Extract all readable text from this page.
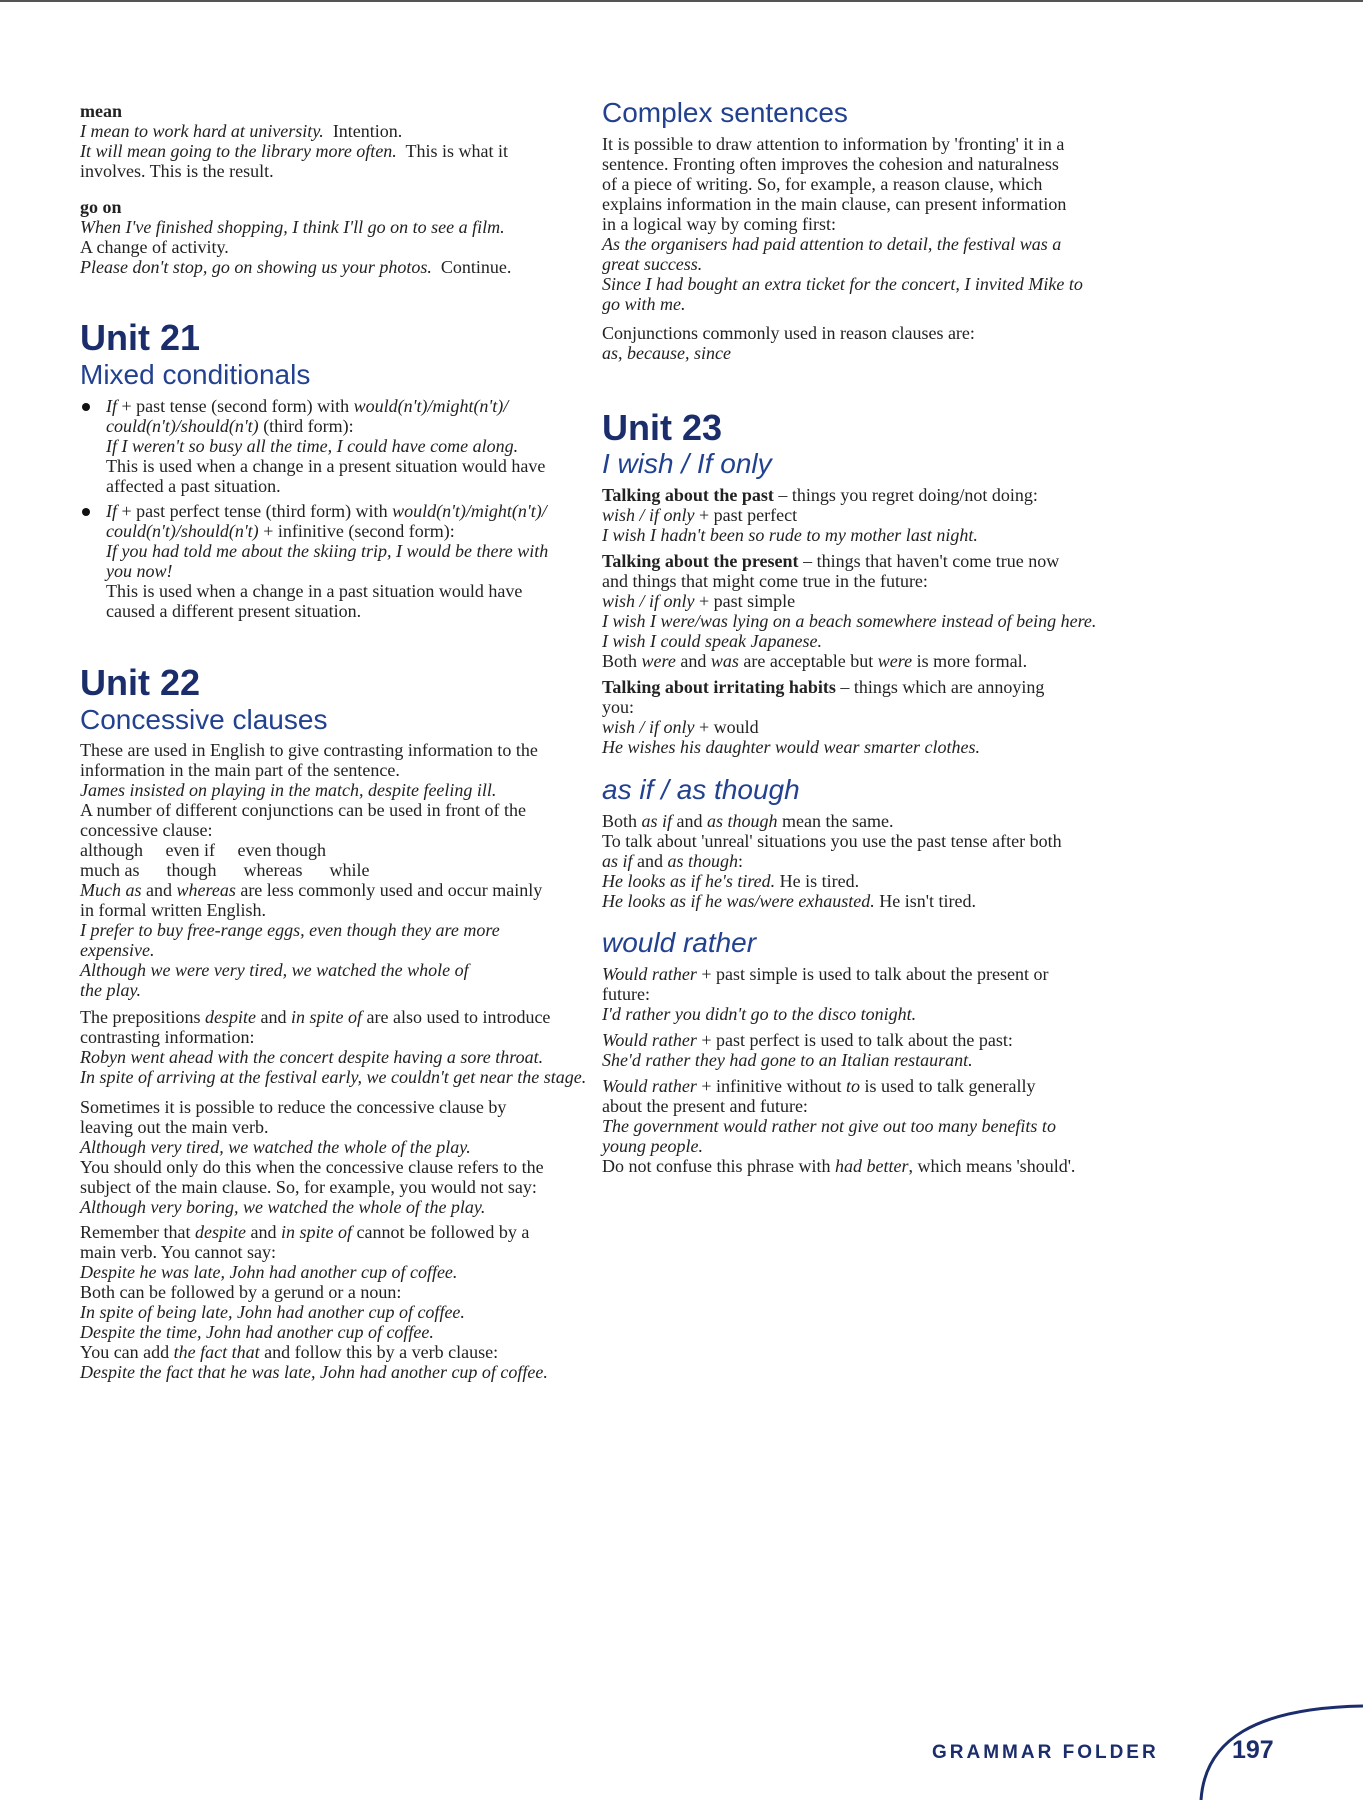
mean
I mean to work hard at university.  Intention.
It will mean going to the library more often.  This is what it
involves. This is the result.
go on
When I've finished shopping, I think I'll go on to see a film.
A change of activity.
Please don't stop, go on showing us your photos.  Continue.
Unit 21
Mixed conditionals
If + past tense (second form) with would(n't)/might(n't)/
could(n't)/should(n't) (third form):
If I weren't so busy all the time, I could have come along.
This is used when a change in a present situation would have
affected a past situation.
If + past perfect tense (third form) with would(n't)/might(n't)/
could(n't)/should(n't) + infinitive (second form):
If you had told me about the skiing trip, I would be there with
you now!
This is used when a change in a past situation would have
caused a different present situation.
Unit 22
Concessive clauses
These are used in English to give contrasting information to the
information in the main part of the sentence.
James insisted on playing in the match, despite feeling ill.
A number of different conjunctions can be used in front of the
concessive clause:
although     even if     even though
much as      though      whereas      while
Much as and whereas are less commonly used and occur mainly
in formal written English.
I prefer to buy free-range eggs, even though they are more
expensive.
Although we were very tired, we watched the whole of
the play.
The prepositions despite and in spite of are also used to introduce
contrasting information:
Robyn went ahead with the concert despite having a sore throat.
In spite of arriving at the festival early, we couldn't get near the stage.
Sometimes it is possible to reduce the concessive clause by
leaving out the main verb.
Although very tired, we watched the whole of the play.
You should only do this when the concessive clause refers to the
subject of the main clause. So, for example, you would not say:
Although very boring, we watched the whole of the play.
Remember that despite and in spite of cannot be followed by a
main verb. You cannot say:
Despite he was late, John had another cup of coffee.
Both can be followed by a gerund or a noun:
In spite of being late, John had another cup of coffee.
Despite the time, John had another cup of coffee.
You can add the fact that and follow this by a verb clause:
Despite the fact that he was late, John had another cup of coffee.
Complex sentences
It is possible to draw attention to information by 'fronting' it in a
sentence. Fronting often improves the cohesion and naturalness
of a piece of writing. So, for example, a reason clause, which
explains information in the main clause, can present information
in a logical way by coming first:
As the organisers had paid attention to detail, the festival was a
great success.
Since I had bought an extra ticket for the concert, I invited Mike to
go with me.
Conjunctions commonly used in reason clauses are:
as, because, since
Unit 23
I wish / If only
Talking about the past – things you regret doing/not doing:
wish / if only + past perfect
I wish I hadn't been so rude to my mother last night.
Talking about the present – things that haven't come true now
and things that might come true in the future:
wish / if only + past simple
I wish I were/was lying on a beach somewhere instead of being here.
I wish I could speak Japanese.
Both were and was are acceptable but were is more formal.
Talking about irritating habits – things which are annoying
you:
wish / if only + would
He wishes his daughter would wear smarter clothes.
as if / as though
Both as if and as though mean the same.
To talk about 'unreal' situations you use the past tense after both
as if and as though:
He looks as if he's tired. He is tired.
He looks as if he was/were exhausted. He isn't tired.
would rather
Would rather + past simple is used to talk about the present or
future:
I'd rather you didn't go to the disco tonight.
Would rather + past perfect is used to talk about the past:
She'd rather they had gone to an Italian restaurant.
Would rather + infinitive without to is used to talk generally
about the present and future:
The government would rather not give out too many benefits to
young people.
Do not confuse this phrase with had better, which means 'should'.
GRAMMAR FOLDER	197
